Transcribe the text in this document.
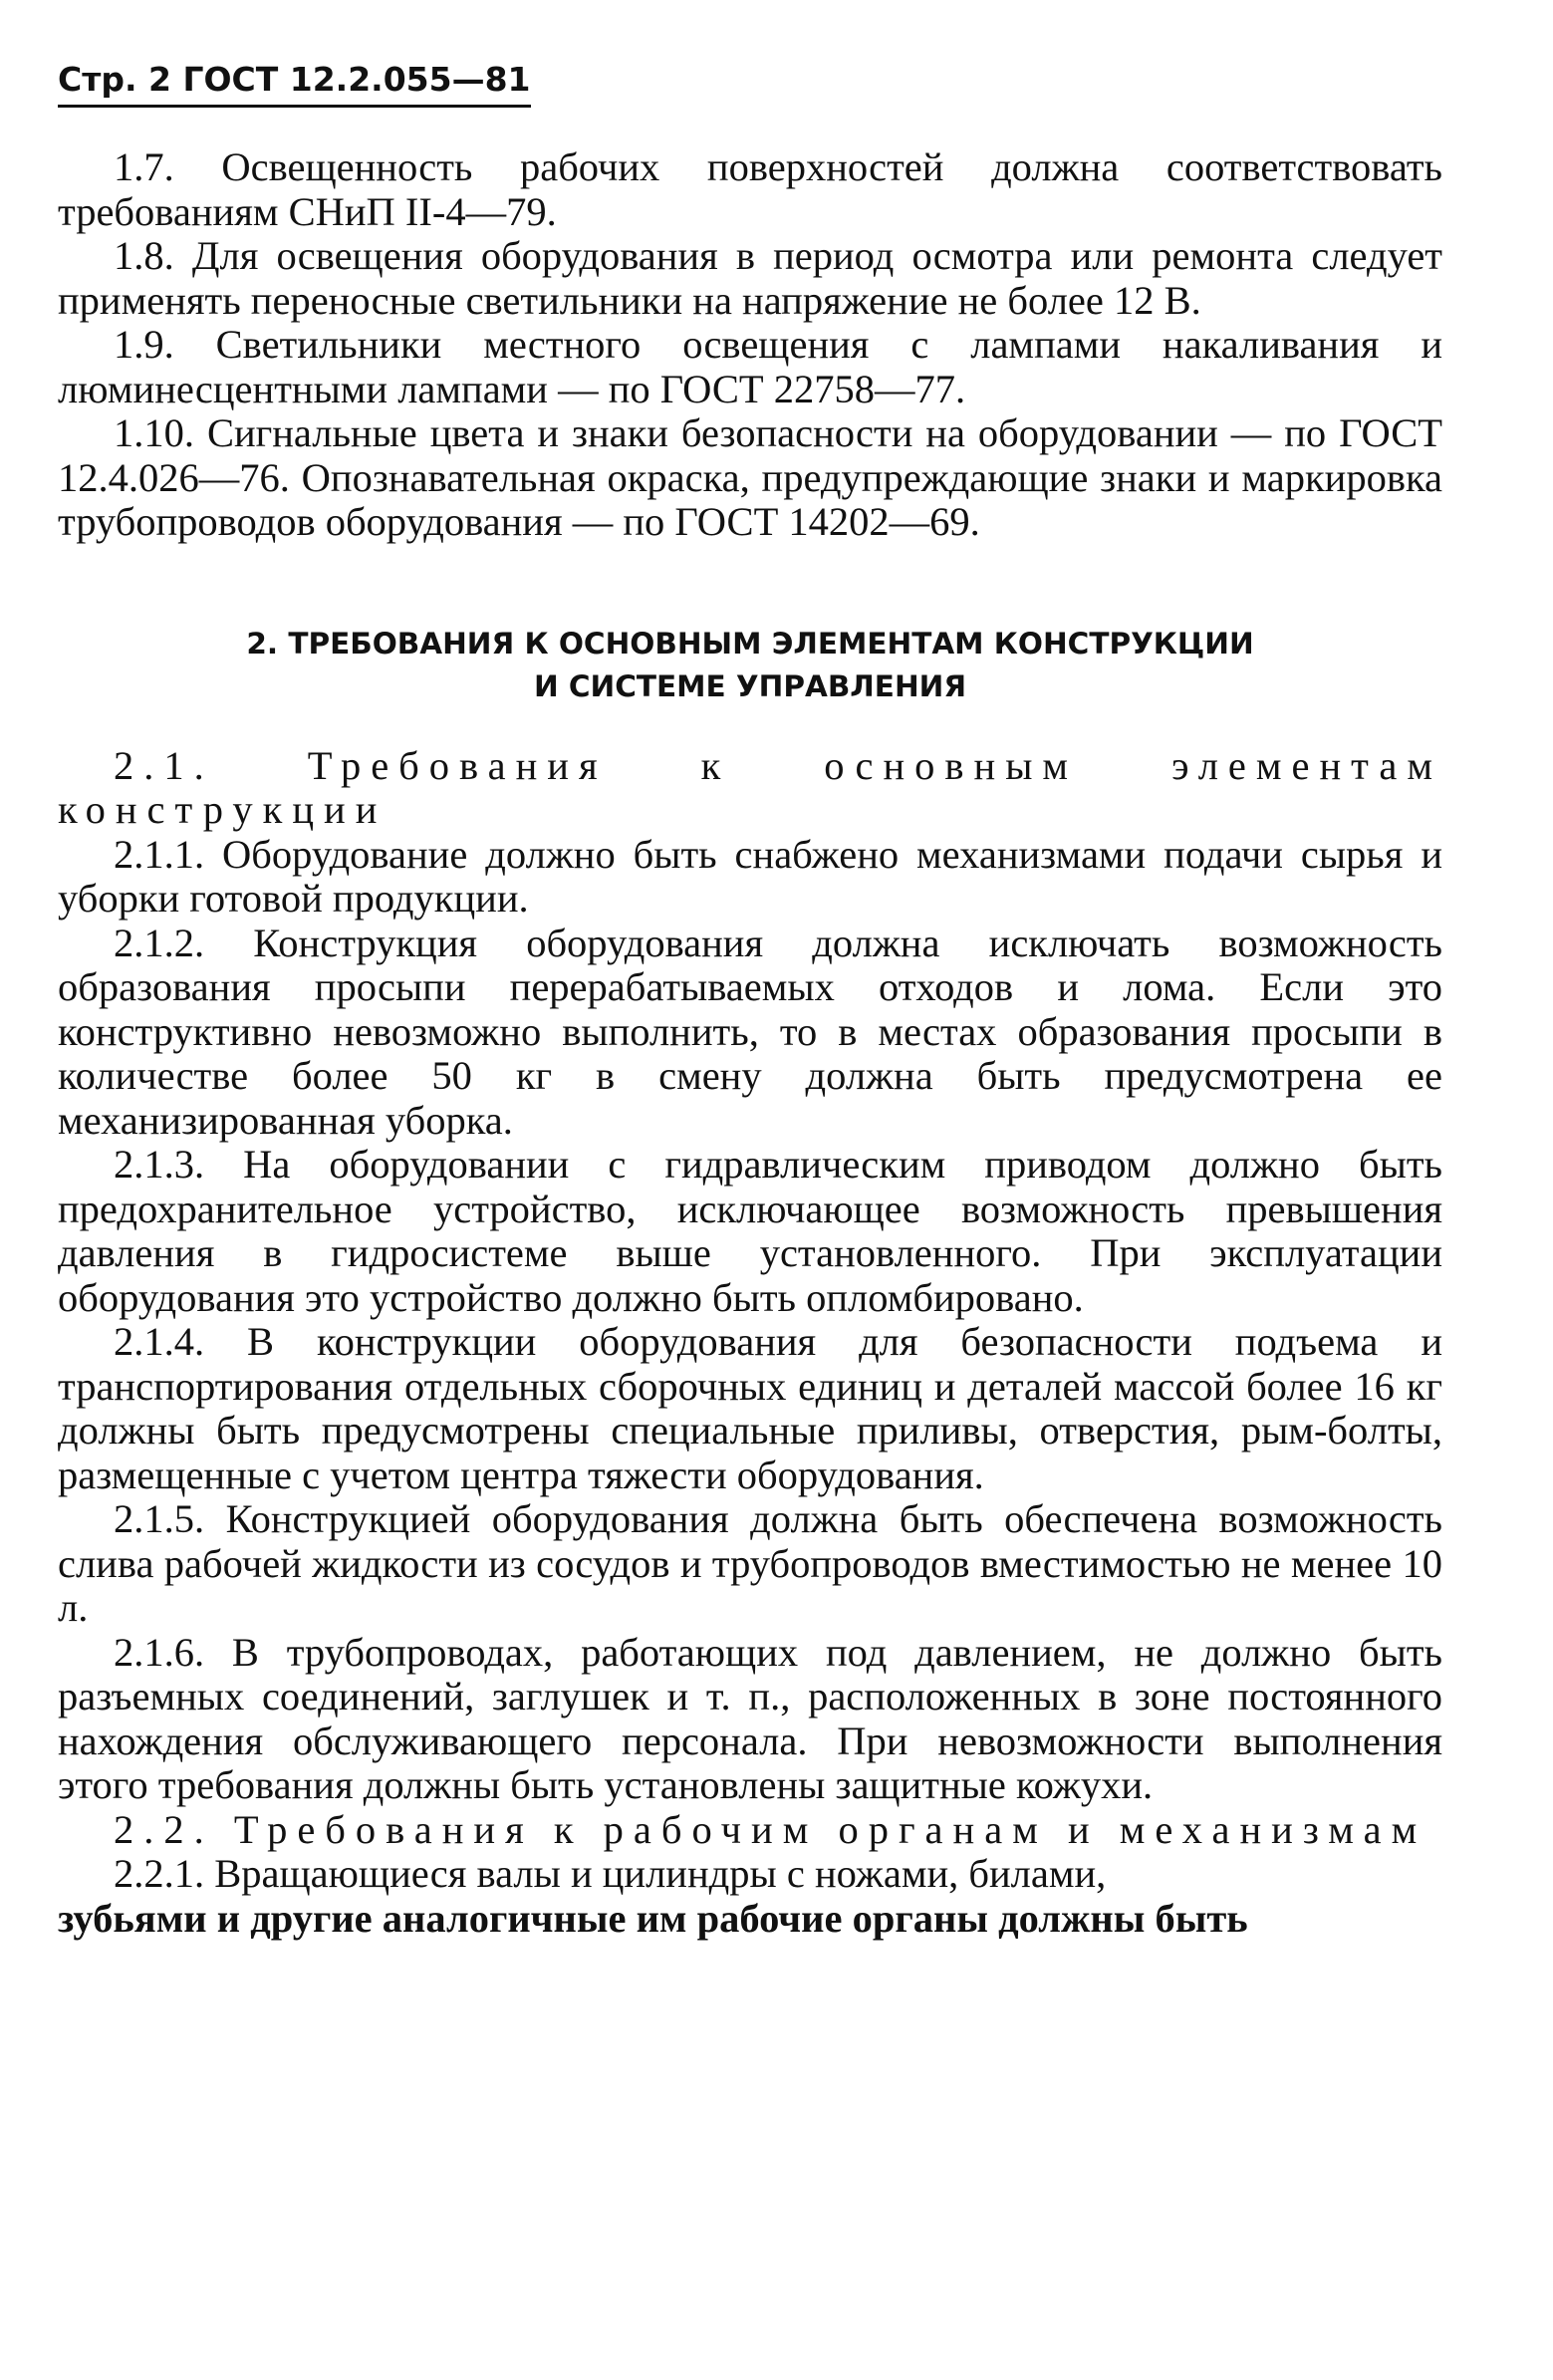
Стр. 2 ГОСТ 12.2.055—81

1.7. Освещенность рабочих поверхностей должна соответствовать требованиям СНиП II-4—79.

1.8. Для освещения оборудования в период осмотра или ремонта следует применять переносные светильники на напряжение не более 12 В.

1.9. Светильники местного освещения с лампами накаливания и люминесцентными лампами — по ГОСТ 22758—77.

1.10. Сигнальные цвета и знаки безопасности на оборудовании — по ГОСТ 12.4.026—76. Опознавательная окраска, предупреждающие знаки и маркировка трубопроводов оборудования — по ГОСТ 14202—69.

2. ТРЕБОВАНИЯ К ОСНОВНЫМ ЭЛЕМЕНТАМ КОНСТРУКЦИИ
И СИСТЕМЕ УПРАВЛЕНИЯ

2.1. Требования к основным элементам конструкции

2.1.1. Оборудование должно быть снабжено механизмами подачи сырья и уборки готовой продукции.

2.1.2. Конструкция оборудования должна исключать возможность образования просыпи перерабатываемых отходов и лома. Если это конструктивно невозможно выполнить, то в местах образования просыпи в количестве более 50 кг в смену должна быть предусмотрена ее механизированная уборка.

2.1.3. На оборудовании с гидравлическим приводом должно быть предохранительное устройство, исключающее возможность превышения давления в гидросистеме выше установленного. При эксплуатации оборудования это устройство должно быть опломбировано.

2.1.4. В конструкции оборудования для безопасности подъема и транспортирования отдельных сборочных единиц и деталей массой более 16 кг должны быть предусмотрены специальные приливы, отверстия, рым-болты, размещенные с учетом центра тяжести оборудования.

2.1.5. Конструкцией оборудования должна быть обеспечена возможность слива рабочей жидкости из сосудов и трубопроводов вместимостью не менее 10 л.

2.1.6. В трубопроводах, работающих под давлением, не должно быть разъемных соединений, заглушек и т. п., расположенных в зоне постоянного нахождения обслуживающего персонала. При невозможности выполнения этого требования должны быть установлены защитные кожухи.

2.2. Требования к рабочим органам и механизмам

2.2.1. Вращающиеся валы и цилиндры с ножами, билами,

зубьями и другие аналогичные им рабочие органы должны быть
